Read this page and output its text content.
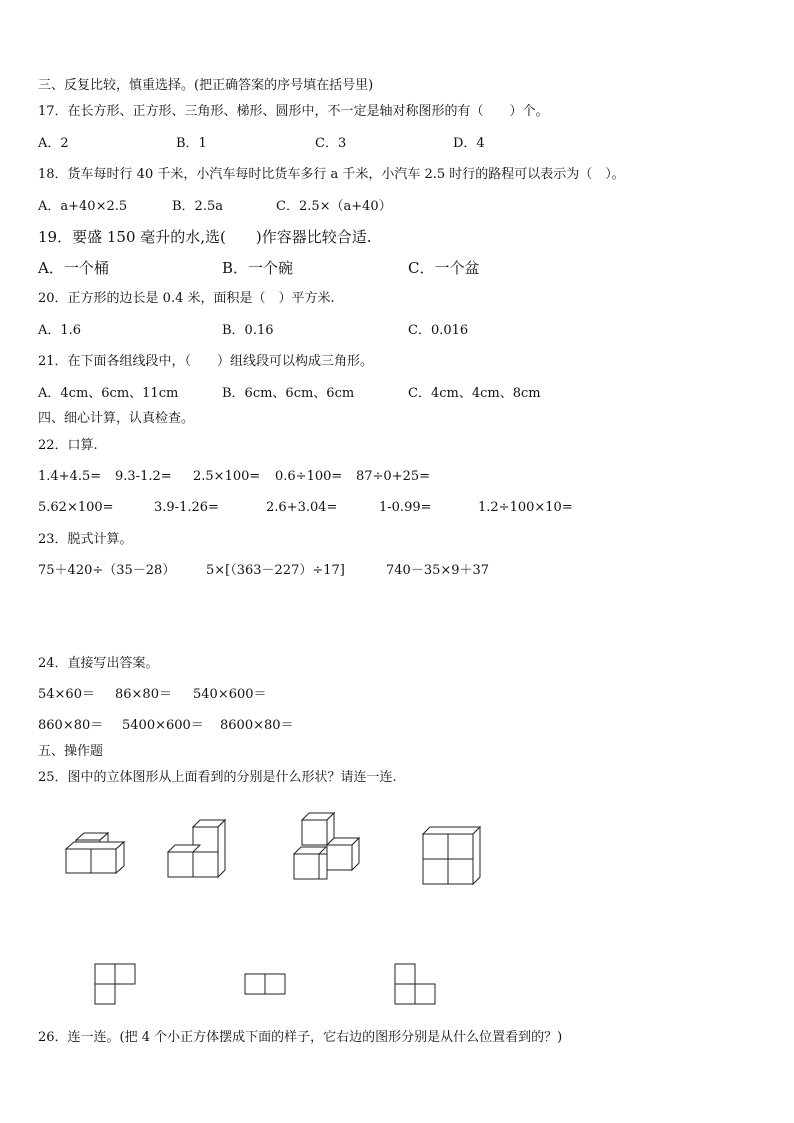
三、反复比较，慎重选择。(把正确答案的序号填在括号里)
17．在长方形、正方形、三角形、梯形、圆形中，不一定是轴对称图形的有（　　）个。
A．2	B．1	C．3	D．4
18．货车每时行 40 千米，小汽车每时比货车多行 a 千米，小汽车 2.5 时行的路程可以表示为（　）。
A．a+40×2.5	B．2.5a	C．2.5×（a+40）
19．要盛 150 毫升的水,选(　　)作容器比较合适.
A．一个桶	B．一个碗	C．一个盆
20．正方形的边长是 0.4 米，面积是（　）平方米.
A．1.6	B．0.16	C．0.016
21．在下面各组线段中，（　　）组线段可以构成三角形。
A．4cm、6cm、11cm	B．6cm、6cm、6cm	C．4cm、4cm、8cm
四、细心计算，认真检查。
22．口算.
1.4+4.5= 9.3-1.2= 2.5×100= 0.6÷100= 87÷0+25=
5.62×100=	3.9-1.26=	2.6+3.04=	1-0.99=	1.2÷100×10=
23．脱式计算。
75＋420÷（35－28） 5×[（363－227）÷17]	740－35×9＋37
24．直接写出答案。
54×60＝ 86×80＝ 540×600＝
860×80＝ 5400×600＝ 8600×80＝
五、操作题
25．图中的立体图形从上面看到的分别是什么形状？请连一连.
26．连一连。(把 4 个小正方体摆成下面的样子，它右边的图形分别是从什么位置看到的？)
